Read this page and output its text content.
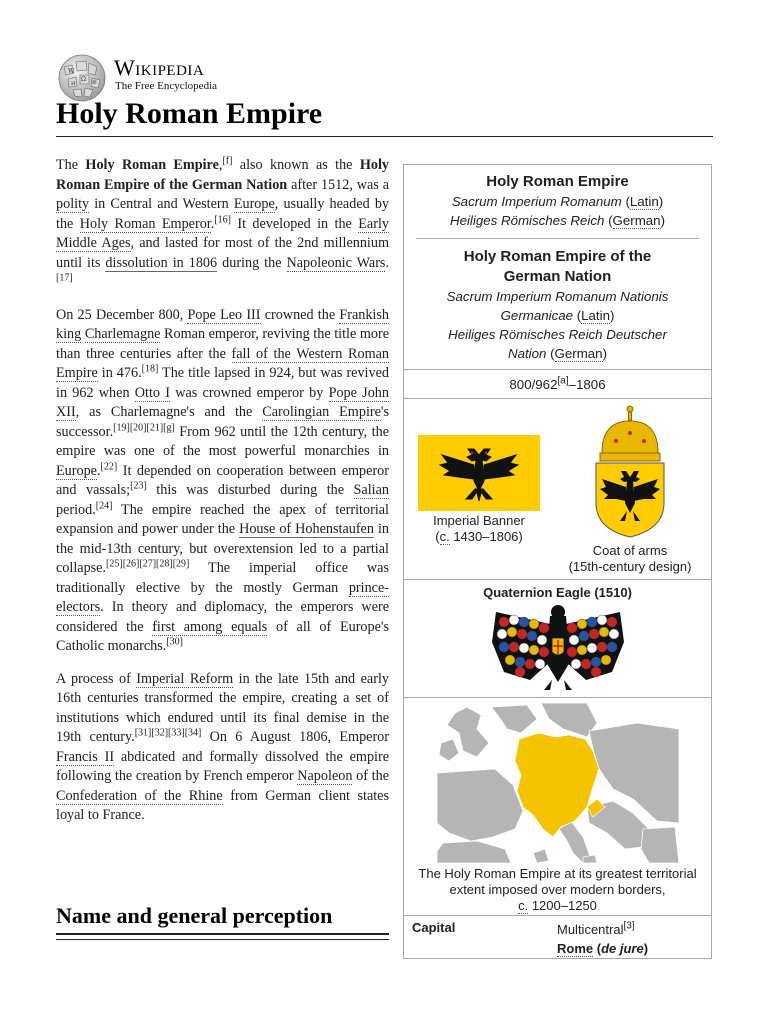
W
Ω
И	維
Wikipedia
The Free Encyclopedia
Holy Roman Empire

The Holy Roman Empire,[f] also known as the Holy Roman Empire of the German Nation after 1512, was a polity in Central and Western Europe, usually headed by the Holy Roman Emperor.[16] It developed in the Early Middle Ages, and lasted for most of the 2nd millennium until its dissolution in 1806 during the Napoleonic Wars.[17]

On 25 December 800, Pope Leo III crowned the Frankish king Charlemagne Roman emperor, reviving the title more than three centuries after the fall of the Western Roman Empire in 476.[18] The title lapsed in 924, but was revived in 962 when Otto I was crowned emperor by Pope John XII, as Charlemagne's and the Carolingian Empire's successor.[19][20][21][g] From 962 until the 12th century, the empire was one of the most powerful monarchies in Europe.[22] It depended on cooperation between emperor and vassals;[23] this was disturbed during the Salian period.[24] The empire reached the apex of territorial expansion and power under the House of Hohenstaufen in the mid-13th century, but overextension led to a partial collapse.[25][26][27][28][29] The imperial office was traditionally elective by the mostly German prince-electors. In theory and diplomacy, the emperors were considered the first among equals of all of Europe's Catholic monarchs.[30]

A process of Imperial Reform in the late 15th and early 16th centuries transformed the empire, creating a set of institutions which endured until its final demise in the 19th century.[31][32][33][34] On 6 August 1806, Emperor Francis II abdicated and formally dissolved the empire following the creation by French emperor Napoleon of the Confederation of the Rhine from German client states loyal to France.

Name and general perception
Holy Roman Empire
Sacrum Imperium Romanum (Latin)
Heiliges Römisches Reich (German)
Holy Roman Empire of the German Nation
Sacrum Imperium Romanum Nationis Germanicae (Latin)
Heiliges Römisches Reich Deutscher Nation (German)
800/962[a]–1806
Imperial Banner
(c. 1430–1806)
Coat of arms
(15th-century design)
Quaternion Eagle (1510)
The Holy Roman Empire at its greatest territorial extent imposed over modern borders,
c. 1200–1250
Capital	Multicentral[3]
Rome (de jure)
